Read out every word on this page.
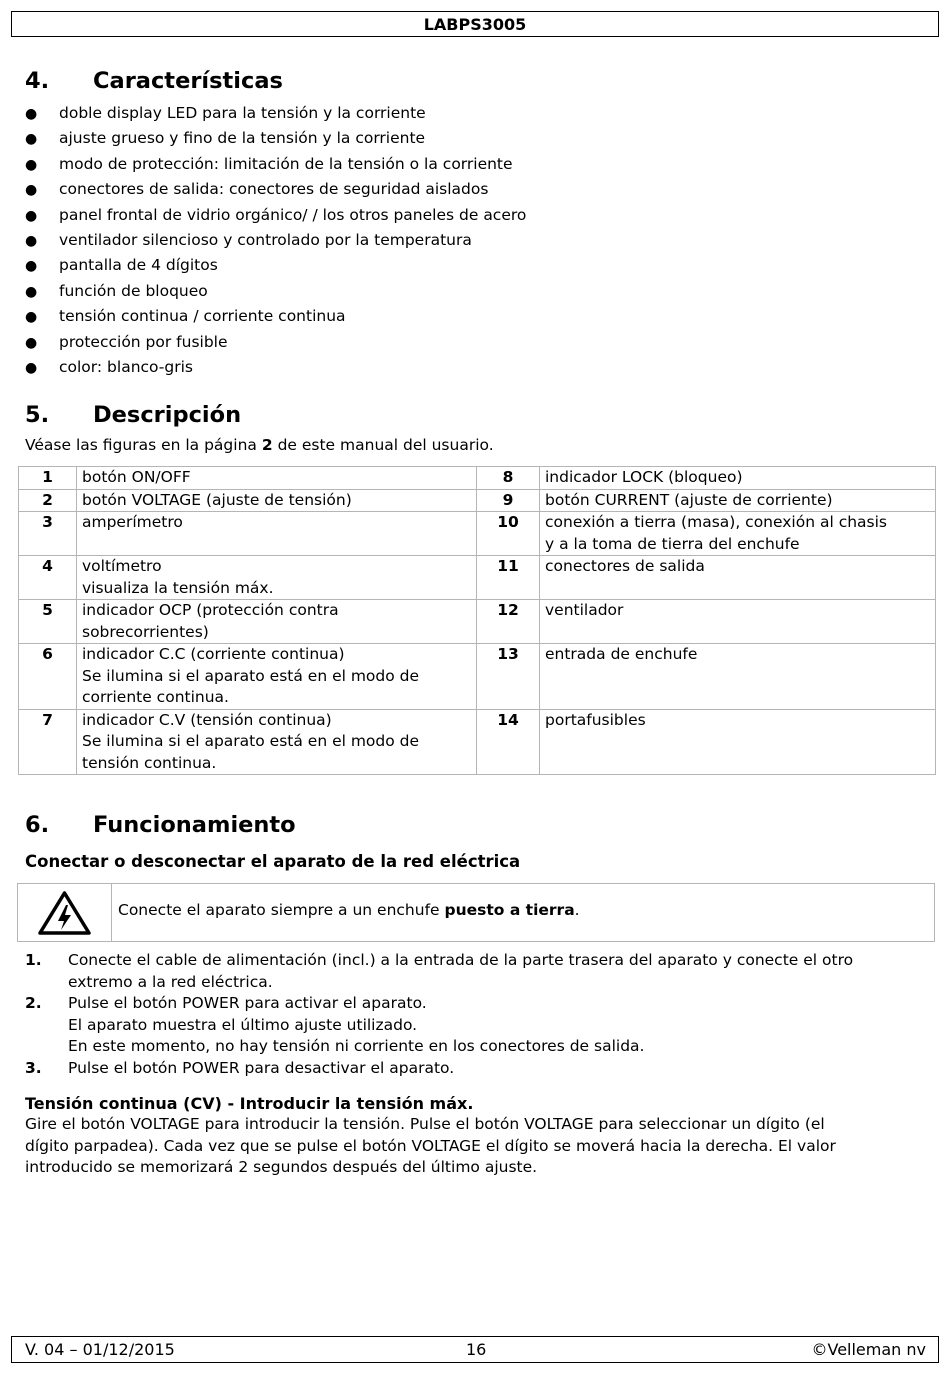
LABPS3005
4. Características
● doble display LED para la tensión y la corriente
● ajuste grueso y fino de la tensión y la corriente
● modo de protección: limitación de la tensión o la corriente
● conectores de salida: conectores de seguridad aislados
● panel frontal de vidrio orgánico/ / los otros paneles de acero
● ventilador silencioso y controlado por la temperatura
● pantalla de 4 dígitos
● función de bloqueo
● tensión continua / corriente continua
● protección por fusible
● color: blanco-gris
5. Descripción
Véase las figuras en la página 2 de este manual del usuario.
1	botón ON/OFF	8	indicador LOCK (bloqueo)

2	botón VOLTAGE (ajuste de tensión)	9	botón CURRENT (ajuste de corriente)

3	amperímetro	10	conexión a tierra (masa), conexión al chasis
y a la toma de tierra del enchufe

4	voltímetro
visualiza la tensión máx.	11	conectores de salida

5	indicador OCP (protección contra
sobrecorrientes)	12	ventilador

6	indicador C.C (corriente continua)
Se ilumina si el aparato está en el modo de
corriente continua.	13	entrada de enchufe

7	indicador C.V (tensión continua)
Se ilumina si el aparato está en el modo de
tensión continua.	14	portafusibles
6. Funcionamiento
Conectar o desconectar el aparato de la red eléctrica
Conecte el aparato siempre a un enchufe puesto a tierra.
1.	Conecte el cable de alimentación (incl.) a la entrada de la parte trasera del aparato y conecte el otro
extremo a la red eléctrica.
2.	Pulse el botón POWER para activar el aparato.
El aparato muestra el último ajuste utilizado.
En este momento, no hay tensión ni corriente en los conectores de salida.
3.	Pulse el botón POWER para desactivar el aparato.
Tensión continua (CV) - Introducir la tensión máx.
Gire el botón VOLTAGE para introducir la tensión. Pulse el botón VOLTAGE para seleccionar un dígito (el
dígito parpadea). Cada vez que se pulse el botón VOLTAGE el dígito se moverá hacia la derecha. El valor
introducido se memorizará 2 segundos después del último ajuste.
V. 04 – 01/12/2015	16	©Velleman nv
